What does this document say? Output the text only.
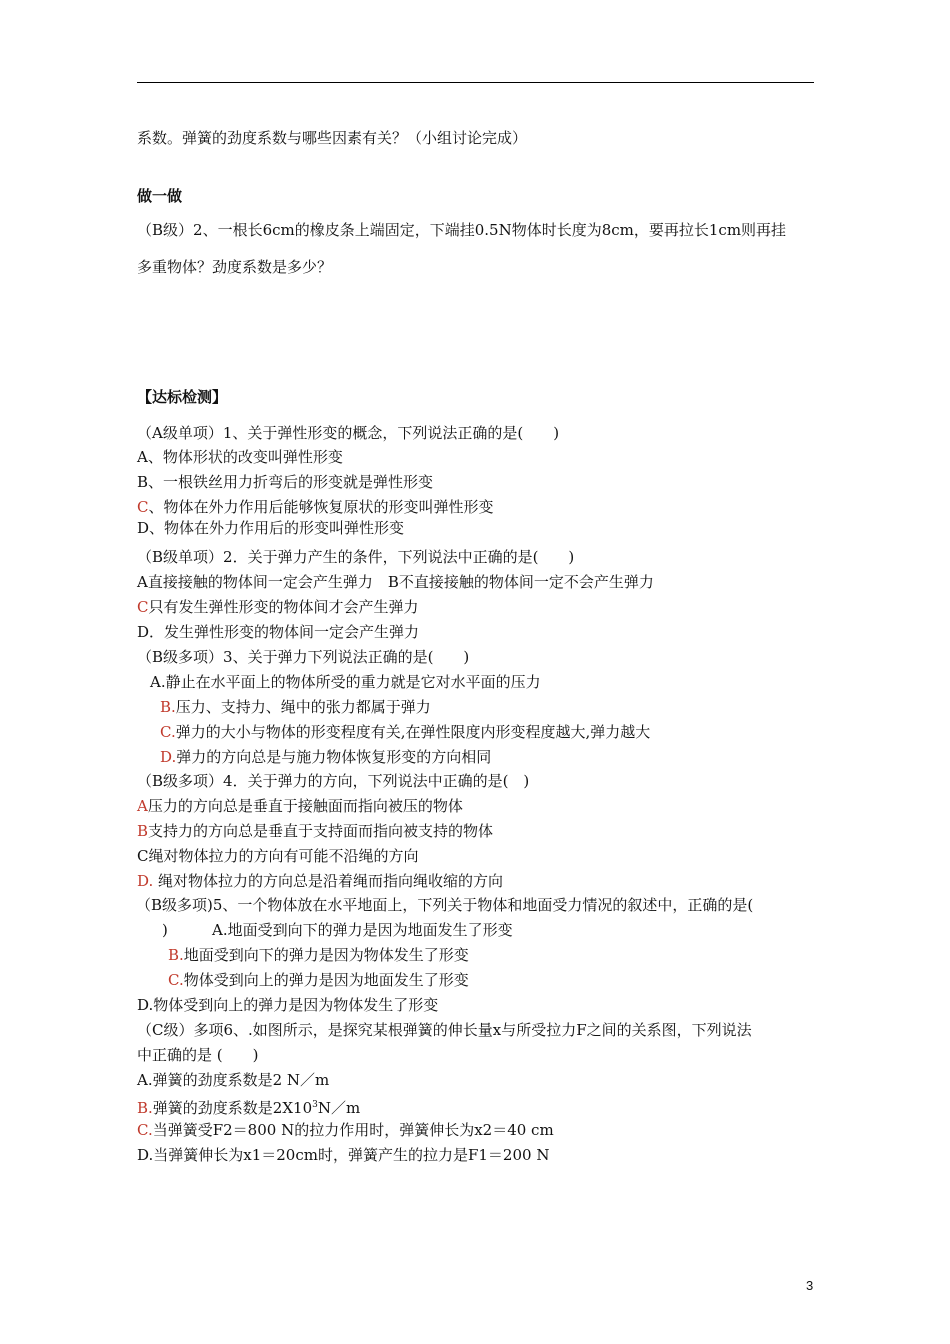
系数。弹簧的劲度系数与哪些因素有关？（小组讨论完成）
做一做
（B级）2、一根长6cm的橡皮条上端固定，下端挂0.5N物体时长度为8cm，要再拉长1cm则再挂
多重物体？劲度系数是多少？
【达标检测】
（A级单项）1、关于弹性形变的概念，下列说法正确的是(　　)
A、物体形状的改变叫弹性形变
B、一根铁丝用力折弯后的形变就是弹性形变
C、物体在外力作用后能够恢复原状的形变叫弹性形变
D、物体在外力作用后的形变叫弹性形变
（B级单项）2．关于弹力产生的条件，下列说法中正确的是(　　)
A直接接触的物体间一定会产生弹力　B不直接接触的物体间一定不会产生弹力
C只有发生弹性形变的物体间才会产生弹力
D．发生弹性形变的物体间一定会产生弹力
（B级多项）3、关于弹力下列说法正确的是(　　)
A.静止在水平面上的物体所受的重力就是它对水平面的压力
B.压力、支持力、绳中的张力都属于弹力
C.弹力的大小与物体的形变程度有关,在弹性限度内形变程度越大,弹力越大
D.弹力的方向总是与施力物体恢复形变的方向相同
（B级多项）4．关于弹力的方向，下列说法中正确的是(　)
A压力的方向总是垂直于接触面而指向被压的物体
B支持力的方向总是垂直于支持面而指向被支持的物体
C绳对物体拉力的方向有可能不沿绳的方向
D. 绳对物体拉力的方向总是沿着绳而指向绳收缩的方向
（B级多项)5、一个物体放在水平地面上，下列关于物体和地面受力情况的叙述中，正确的是(
)	A.地面受到向下的弹力是因为地面发生了形变
B.地面受到向下的弹力是因为物体发生了形变
C.物体受到向上的弹力是因为地面发生了形变
D.物体受到向上的弹力是因为物体发生了形变
（C级）多项6、.如图所示，是探究某根弹簧的伸长量x与所受拉力F之间的关系图，下列说法
中正确的是 (　　)
A.弹簧的劲度系数是2 N／m
B.弹簧的劲度系数是$2X10^3N/m$
C.当弹簧受F2＝800 N的拉力作用时，弹簧伸长为x2＝40 cm
D.当弹簧伸长为x1＝20cm时，弹簧产生的拉力是F1＝200 N
3
